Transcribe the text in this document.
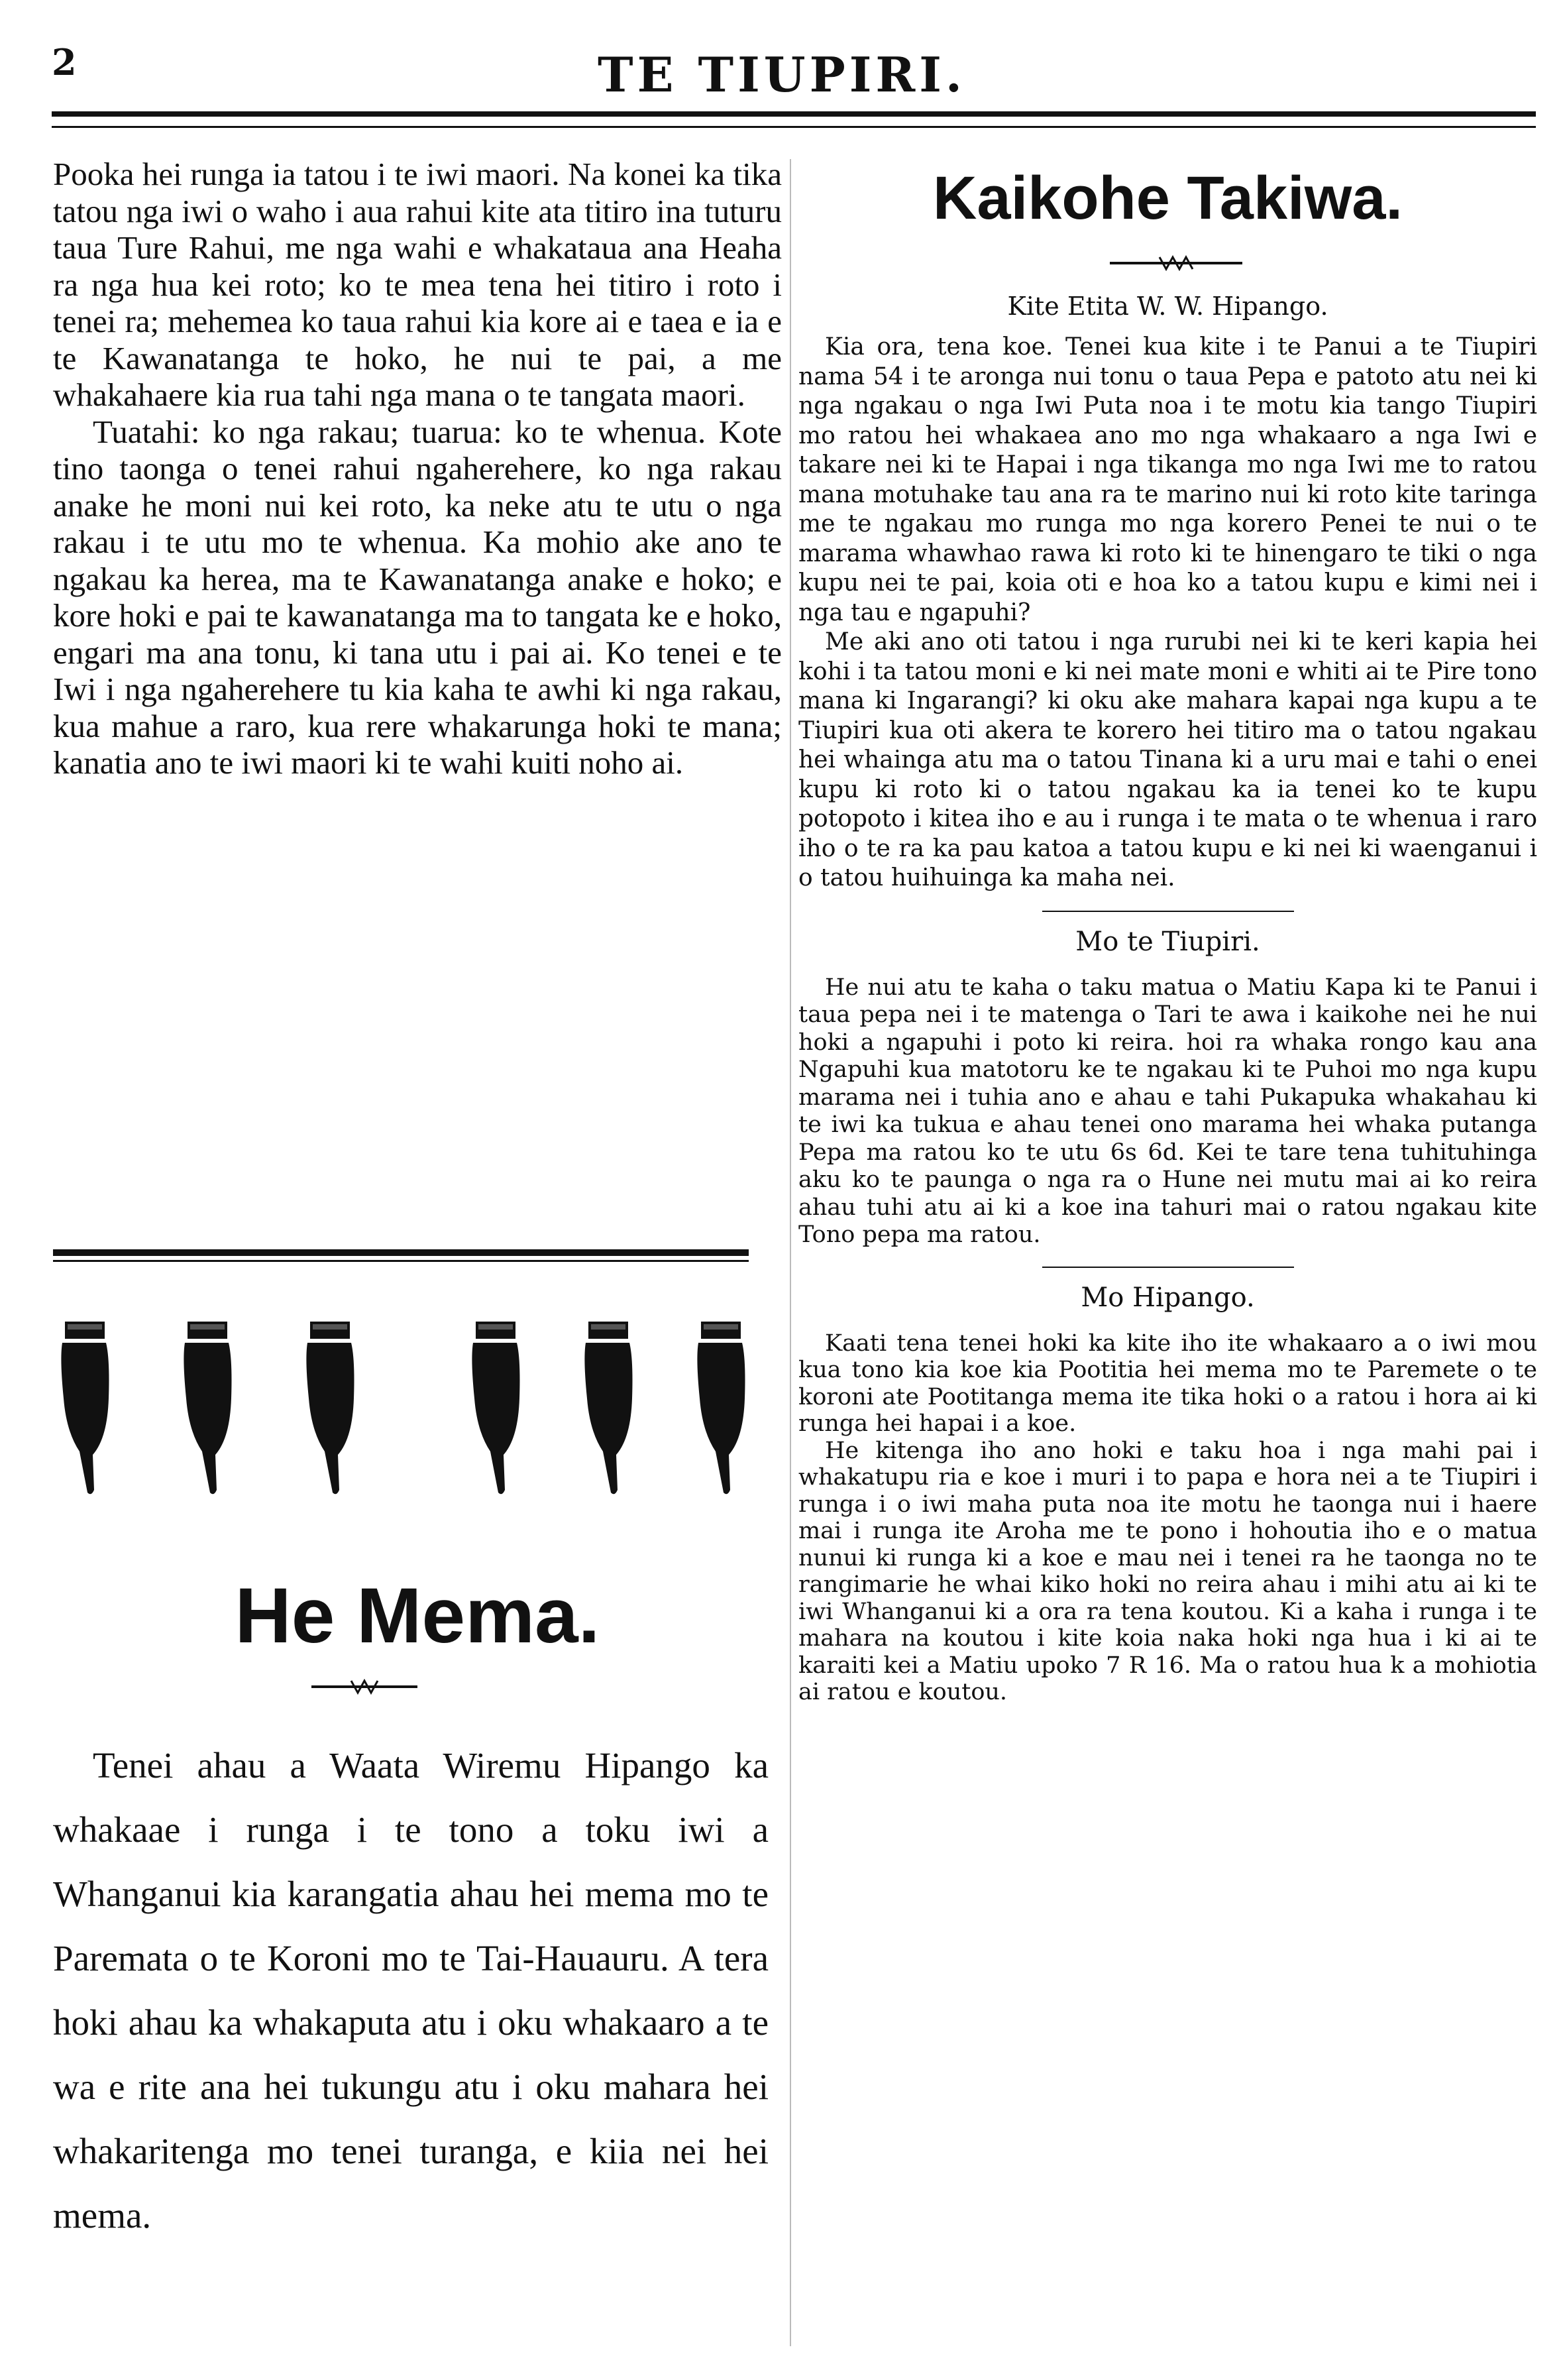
2	TE TIUPIRI.

Pooka hei runga ia tatou i te iwi maori. Na konei ka tika tatou nga iwi o waho i aua rahui kite ata titiro ina tuturu taua Ture Rahui, me nga wahi e whakataua ana Heaha ra nga hua kei roto; ko te mea tena hei titiro i roto i tenei ra; mehemea ko taua rahui kia kore ai e taea e ia e te Kawanatanga te hoko, he nui te pai, a me whakahaere kia rua tahi nga mana o te tangata maori.

Tuatahi: ko nga rakau; tuarua: ko te whenua. Kote tino taonga o tenei rahui ngaherehere, ko nga rakau anake he moni nui kei roto, ka neke atu te utu o nga rakau i te utu mo te whenua. Ka mohio ake ano te ngakau ka herea, ma te Kawanatanga anake e hoko; e kore hoki e pai te kawanatanga ma to tangata ke e hoko, engari ma ana tonu, ki tana utu i pai ai. Ko tenei e te Iwi i nga ngaherehere tu kia kaha te awhi ki nga rakau, kua mahue a raro, kua rere whakarunga hoki te mana; kanatia ano te iwi maori ki te wahi kuiti noho ai.

He Mema.

Tenei ahau a Waata Wiremu Hipango ka whakaae i runga i te tono a toku iwi a Whanganui kia karangatia ahau hei mema mo te Paremata o te Koroni mo te Tai-Hauauru. A tera hoki ahau ka whakaputa atu i oku whakaaro a te wa e rite ana hei tukungu atu i oku mahara hei whakaritenga mo tenei turanga, e kiia nei hei mema.

Kaikohe Takiwa.
Kite Etita W. W. Hipango.

Kia ora, tena koe. Tenei kua kite i te Panui a te Tiupiri nama 54 i te aronga nui tonu o taua Pepa e patoto atu nei ki nga ngakau o nga Iwi Puta noa i te motu kia tango Tiupiri mo ratou hei whakaea ano mo nga whakaaro a nga Iwi e takare nei ki te Hapai i nga tikanga mo nga Iwi me to ratou mana motuhake tau ana ra te marino nui ki roto kite taringa me te ngakau mo runga mo nga korero Penei te nui o te marama whawhao rawa ki roto ki te hinengaro te tiki o nga kupu nei te pai, koia oti e hoa ko a tatou kupu e kimi nei i nga tau e ngapuhi?

Me aki ano oti tatou i nga rurubi nei ki te keri kapia hei kohi i ta tatou moni e ki nei mate moni e whiti ai te Pire tono mana ki Ingarangi? ki oku ake mahara kapai nga kupu a te Tiupiri kua oti akera te korero hei titiro ma o tatou ngakau hei whainga atu ma o tatou Tinana ki a uru mai e tahi o enei kupu ki roto ki o tatou ngakau ka ia tenei ko te kupu potopoto i kitea iho e au i runga i te mata o te whenua i raro iho o te ra ka pau katoa a tatou kupu e ki nei ki waenganui i o tatou huihuinga ka maha nei.

Mo te Tiupiri.

He nui atu te kaha o taku matua o Matiu Kapa ki te Panui i taua pepa nei i te matenga o Tari te awa i kaikohe nei he nui hoki a ngapuhi i poto ki reira. hoi ra whaka rongo kau ana Ngapuhi kua matotoru ke te ngakau ki te Puhoi mo nga kupu marama nei i tuhia ano e ahau e tahi Pukapuka whakahau ki te iwi ka tukua e ahau tenei ono marama hei whaka putanga Pepa ma ratou ko te utu 6s 6d. Kei te tare tena tuhituhinga aku ko te paunga o nga ra o Hune nei mutu mai ai ko reira ahau tuhi atu ai ki a koe ina tahuri mai o ratou ngakau kite Tono pepa ma ratou.

Mo Hipango.

Kaati tena tenei hoki ka kite iho ite whakaaro a o iwi mou kua tono kia koe kia Pootitia hei mema mo te Paremete o te koroni ate Pootitanga mema ite tika hoki o a ratou i hora ai ki runga hei hapai i a koe.

He kitenga iho ano hoki e taku hoa i nga mahi pai i whakatupu ria e koe i muri i to papa e hora nei a te Tiupiri i runga i o iwi maha puta noa ite motu he taonga nui i haere mai i runga ite Aroha me te pono i hohoutia iho e o matua nunui ki runga ki a koe e mau nei i tenei ra he taonga no te rangimarie he whai kiko hoki no reira ahau i mihi atu ai ki te iwi Whanganui ki a ora ra tena koutou. Ki a kaha i runga i te mahara na koutou i kite koia naka hoki nga hua i ki ai te karaiti kei a Matiu upoko 7 R 16. Ma o ratou hua k a mohiotia ai ratou e koutou.
